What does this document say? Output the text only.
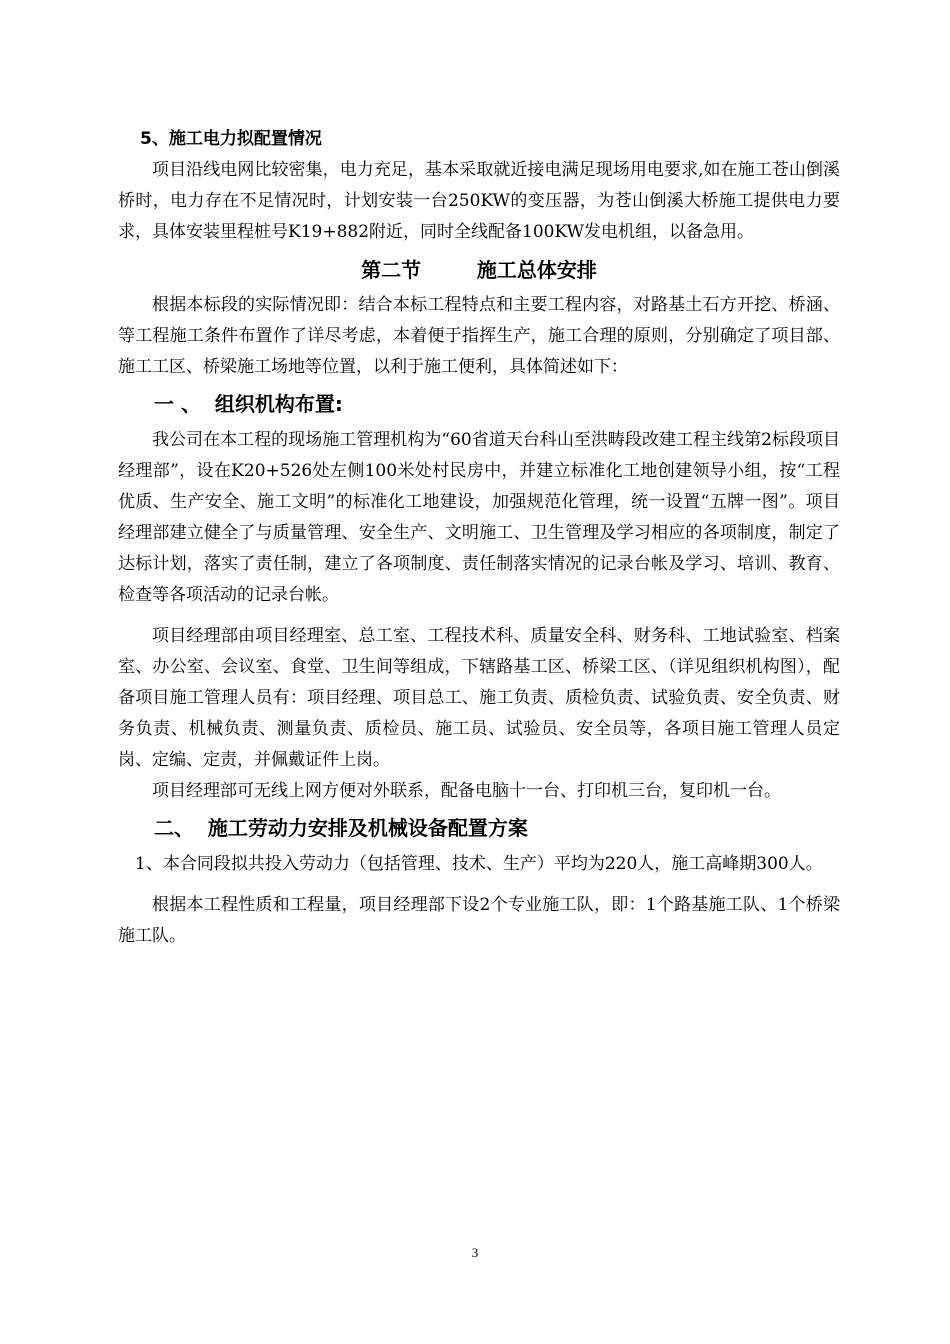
5、施工电力拟配置情况

项目沿线电网比较密集，电力充足，基本采取就近接电满足现场用电要求,如在施工苍山倒溪桥时，电力存在不足情况时，计划安装一台250KW的变压器，为苍山倒溪大桥施工提供电力要求，具体安装里程桩号K19+882附近，同时全线配备100KW发电机组，以备急用。

第二节        施工总体安排

根据本标段的实际情况即：结合本标工程特点和主要工程内容，对路基土石方开挖、桥涵、等工程施工条件布置作了详尽考虑，本着便于指挥生产，施工合理的原则，分别确定了项目部、施工工区、桥梁施工场地等位置，以利于施工便利，具体简述如下：

一 、  组织机构布置:

我公司在本工程的现场施工管理机构为“60省道天台科山至洪畴段改建工程主线第2标段项目经理部”，设在K20+526处左侧100米处村民房中，并建立标准化工地创建领导小组，按“工程优质、生产安全、施工文明”的标准化工地建设，加强规范化管理，统一设置“五牌一图”。项目经理部建立健全了与质量管理、安全生产、文明施工、卫生管理及学习相应的各项制度，制定了达标计划，落实了责任制，建立了各项制度、责任制落实情况的记录台帐及学习、培训、教育、检查等各项活动的记录台帐。

项目经理部由项目经理室、总工室、工程技术科、质量安全科、财务科、工地试验室、档案室、办公室、会议室、食堂、卫生间等组成，下辖路基工区、桥梁工区、（详见组织机构图），配备项目施工管理人员有：项目经理、项目总工、施工负责、质检负责、试验负责、安全负责、财务负责、机械负责、测量负责、质检员、施工员、试验员、安全员等，各项目施工管理人员定岗、定编、定责，并佩戴证件上岗。

项目经理部可无线上网方便对外联系，配备电脑十一台、打印机三台，复印机一台。

二、  施工劳动力安排及机械设备配置方案

1、本合同段拟共投入劳动力（包括管理、技术、生产）平均为220人，施工高峰期300人。

根据本工程性质和工程量，项目经理部下设2个专业施工队，即：1个路基施工队、1个桥梁施工队。

3
